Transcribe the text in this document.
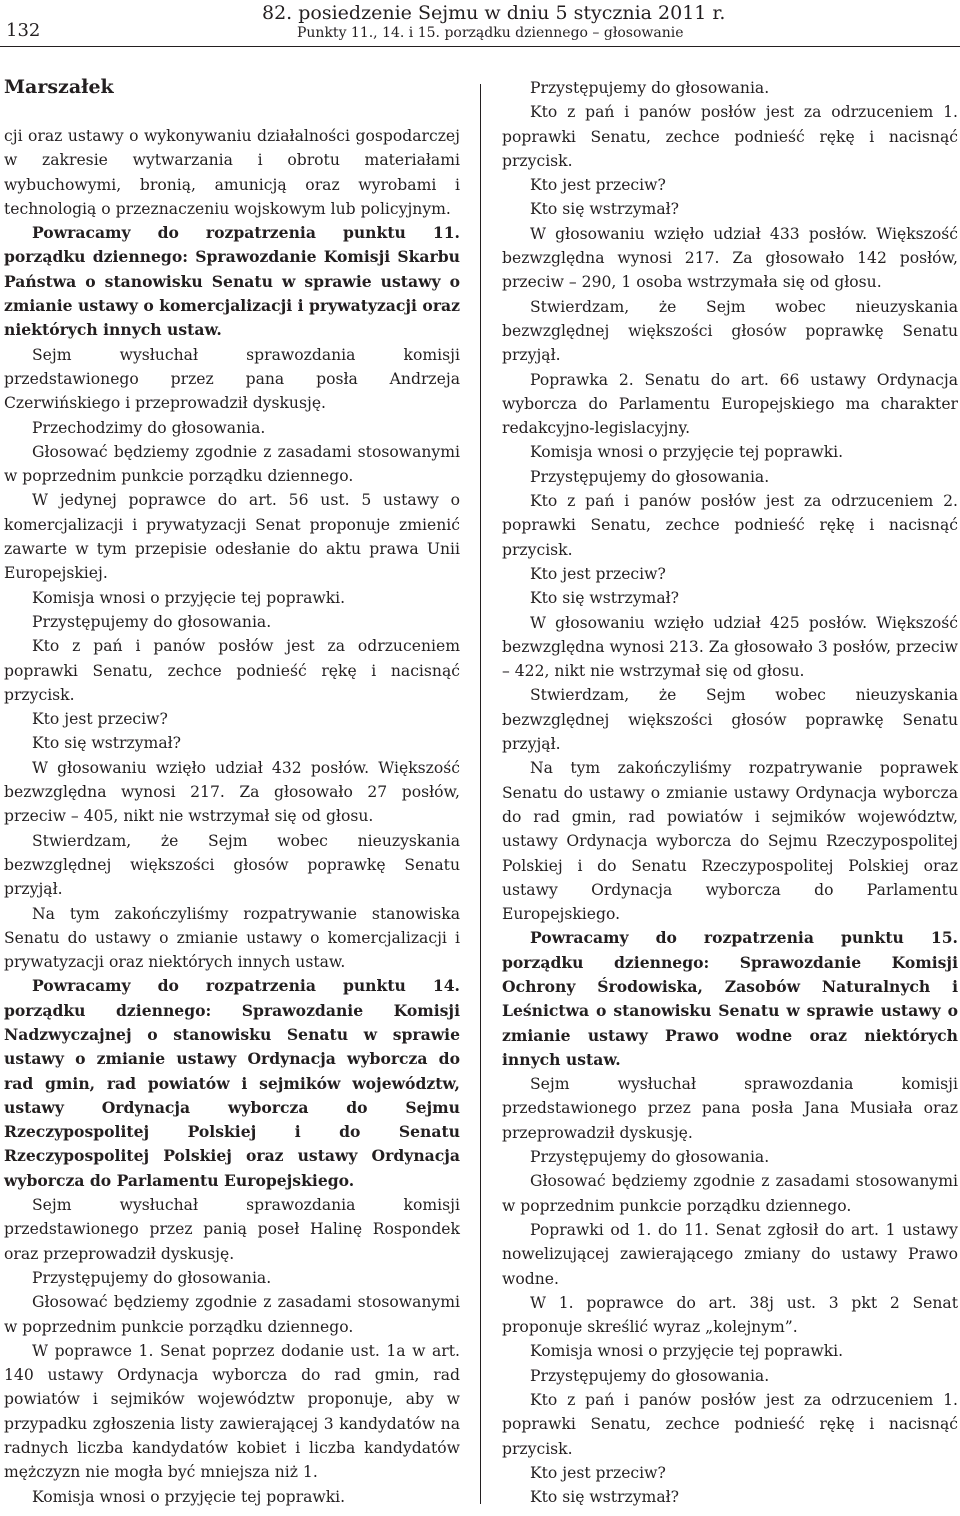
132
82. posiedzenie Sejmu w dniu 5 stycznia 2011 r.
Punkty 11., 14. i 15. porządku dziennego – głosowanie
Marszałek

cji oraz ustawy o wykonywaniu działalności gospodarczej w zakresie wytwarzania i obrotu materiałami wybuchowymi, bronią, amunicją oraz wyrobami i technologią o przeznaczeniu wojskowym lub policyjnym.

Powracamy do rozpatrzenia punktu 11. porządku dziennego: Sprawozdanie Komisji Skarbu Państwa o stanowisku Senatu w sprawie ustawy o zmianie ustawy o komercjalizacji i prywatyzacji oraz niektórych innych ustaw.

Sejm wysłuchał sprawozdania komisji przedstawionego przez pana posła Andrzeja Czerwińskiego i przeprowadził dyskusję.

Przechodzimy do głosowania.

Głosować będziemy zgodnie z zasadami stosowanymi w poprzednim punkcie porządku dziennego.

W jedynej poprawce do art. 56 ust. 5 ustawy o komercjalizacji i prywatyzacji Senat proponuje zmienić zawarte w tym przepisie odesłanie do aktu prawa Unii Europejskiej.

Komisja wnosi o przyjęcie tej poprawki.

Przystępujemy do głosowania.

Kto z pań i panów posłów jest za odrzuceniem poprawki Senatu, zechce podnieść rękę i nacisnąć przycisk.

Kto jest przeciw?

Kto się wstrzymał?

W głosowaniu wzięło udział 432 posłów. Większość bezwzględna wynosi 217. Za głosowało 27 posłów, przeciw – 405, nikt nie wstrzymał się od głosu.

Stwierdzam, że Sejm wobec nieuzyskania bezwzględnej większości głosów poprawkę Senatu przyjął.

Na tym zakończyliśmy rozpatrywanie stanowiska Senatu do ustawy o zmianie ustawy o komercjalizacji i prywatyzacji oraz niektórych innych ustaw.

Powracamy do rozpatrzenia punktu 14. porządku dziennego: Sprawozdanie Komisji Nadzwyczajnej o stanowisku Senatu w sprawie ustawy o zmianie ustawy Ordynacja wyborcza do rad gmin, rad powiatów i sejmików województw, ustawy Ordynacja wyborcza do Sejmu Rzeczypospolitej Polskiej i do Senatu Rzeczypospolitej Polskiej oraz ustawy Ordynacja wyborcza do Parlamentu Europejskiego.

Sejm wysłuchał sprawozdania komisji przedstawionego przez panią poseł Halinę Rospondek oraz przeprowadził dyskusję.

Przystępujemy do głosowania.

Głosować będziemy zgodnie z zasadami stosowanymi w poprzednim punkcie porządku dziennego.

W poprawce 1. Senat poprzez dodanie ust. 1a w art. 140 ustawy Ordynacja wyborcza do rad gmin, rad powiatów i sejmików województw proponuje, aby w przypadku zgłoszenia listy zawierającej 3 kandydatów na radnych liczba kandydatów kobiet i liczba kandydatów mężczyzn nie mogła być mniejsza niż 1.

Komisja wnosi o przyjęcie tej poprawki.

Przystępujemy do głosowania.

Kto z pań i panów posłów jest za odrzuceniem 1. poprawki Senatu, zechce podnieść rękę i nacisnąć przycisk.

Kto jest przeciw?

Kto się wstrzymał?

W głosowaniu wzięło udział 433 posłów. Większość bezwzględna wynosi 217. Za głosowało 142 posłów, przeciw – 290, 1 osoba wstrzymała się od głosu.

Stwierdzam, że Sejm wobec nieuzyskania bezwzględnej większości głosów poprawkę Senatu przyjął.

Poprawka 2. Senatu do art. 66 ustawy Ordynacja wyborcza do Parlamentu Europejskiego ma charakter redakcyjno-legislacyjny.

Komisja wnosi o przyjęcie tej poprawki.

Przystępujemy do głosowania.

Kto z pań i panów posłów jest za odrzuceniem 2. poprawki Senatu, zechce podnieść rękę i nacisnąć przycisk.

Kto jest przeciw?

Kto się wstrzymał?

W głosowaniu wzięło udział 425 posłów. Większość bezwzględna wynosi 213. Za głosowało 3 posłów, przeciw – 422, nikt nie wstrzymał się od głosu.

Stwierdzam, że Sejm wobec nieuzyskania bezwzględnej większości głosów poprawkę Senatu przyjął.

Na tym zakończyliśmy rozpatrywanie poprawek Senatu do ustawy o zmianie ustawy Ordynacja wyborcza do rad gmin, rad powiatów i sejmików województw, ustawy Ordynacja wyborcza do Sejmu Rzeczypospolitej Polskiej i do Senatu Rzeczypospolitej Polskiej oraz ustawy Ordynacja wyborcza do Parlamentu Europejskiego.

Powracamy do rozpatrzenia punktu 15. porządku dziennego: Sprawozdanie Komisji Ochrony Środowiska, Zasobów Naturalnych i Leśnictwa o stanowisku Senatu w sprawie ustawy o zmianie ustawy Prawo wodne oraz niektórych innych ustaw.

Sejm wysłuchał sprawozdania komisji przedstawionego przez pana posła Jana Musiała oraz przeprowadził dyskusję.

Przystępujemy do głosowania.

Głosować będziemy zgodnie z zasadami stosowanymi w poprzednim punkcie porządku dziennego.

Poprawki od 1. do 11. Senat zgłosił do art. 1 ustawy nowelizującej zawierającego zmiany do ustawy Prawo wodne.

W 1. poprawce do art. 38j ust. 3 pkt 2 Senat proponuje skreślić wyraz „kolejnym”.

Komisja wnosi o przyjęcie tej poprawki.

Przystępujemy do głosowania.

Kto z pań i panów posłów jest za odrzuceniem 1. poprawki Senatu, zechce podnieść rękę i nacisnąć przycisk.

Kto jest przeciw?

Kto się wstrzymał?
